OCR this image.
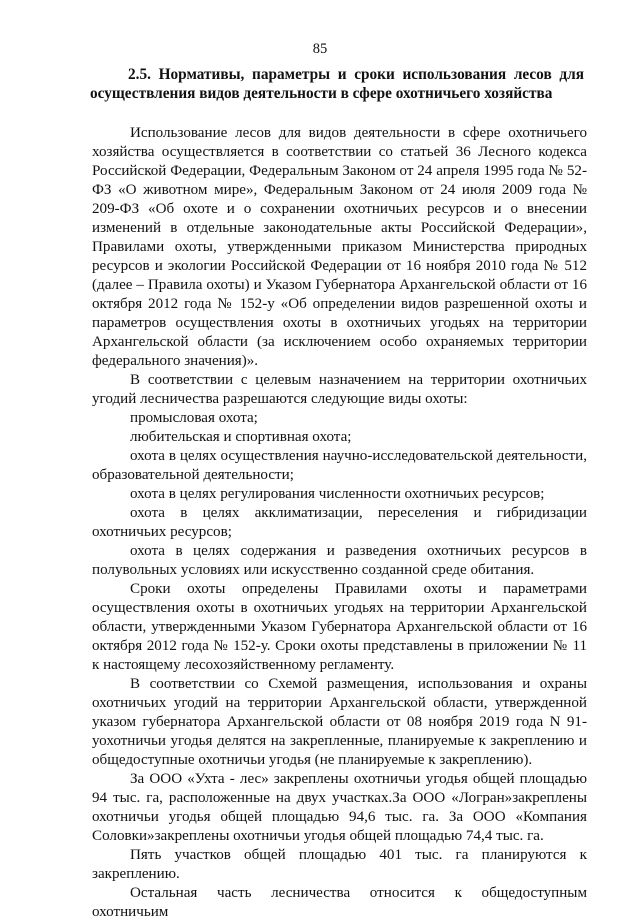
85
2.5. Нормативы, параметры и сроки использования лесов для
осуществления видов деятельности в сфере охотничьего хозяйства

Использование лесов для видов деятельности в сфере охотничьего хозяйства осуществляется в соответствии со статьей 36 Лесного кодекса Российской Федерации, Федеральным Законом от 24 апреля 1995 года № 52-ФЗ «О животном мире», Федеральным Законом от 24 июля 2009 года № 209-ФЗ «Об охоте и о сохранении охотничьих ресурсов и о внесении изменений в отдельные законодательные акты Российской Федерации», Правилами охоты, утвержденными приказом Министерства природных ресурсов и экологии Российской Федерации от 16 ноября 2010 года № 512 (далее – Правила охоты) и Указом Губернатора Архангельской области от 16 октября 2012 года № 152-у «Об определении видов разрешенной охоты и параметров осуществления охоты в охотничьих угодьях на территории Архангельской области (за исключением особо охраняемых территории федерального значения)».

В соответствии с целевым назначением на территории охотничьих угодий лесничества разрешаются следующие виды охоты:

промысловая охота;

любительская и спортивная охота;

охота в целях осуществления научно-исследовательской деятельности, образовательной деятельности;

охота в целях регулирования численности охотничьих ресурсов;

охота в целях акклиматизации, переселения и гибридизации охотничьих ресурсов;

охота в целях содержания и разведения охотничьих ресурсов в полувольных условиях или искусственно созданной среде обитания.

Сроки охоты определены Правилами охоты и параметрами осуществления охоты в охотничьих угодьях на территории Архангельской области, утвержденными Указом Губернатора Архангельской области от 16 октября 2012 года № 152-у. Сроки охоты представлены в приложении № 11 к настоящему лесохозяйственному регламенту.

В соответствии со Схемой размещения, использования и охраны охотничьих угодий на территории Архангельской области, утвержденной указом губернатора Архангельской области от 08 ноября 2019 года N 91-уохотничьи угодья делятся на закрепленные, планируемые к закреплению и общедоступные охотничьи угодья (не планируемые к закреплению).

За ООО «Ухта - лес» закреплены охотничьи угодья общей площадью 94 тыс. га, расположенные на двух участках.За ООО «Логран»закреплены охотничьи угодья общей площадью 94,6 тыс. га. За ООО «Компания Соловки»закреплены охотничьи угодья общей площадью 74,4 тыс. га.

Пять участков общей площадью 401 тыс. га планируются к закреплению.

Остальная часть лесничества относится к общедоступным охотничьим
